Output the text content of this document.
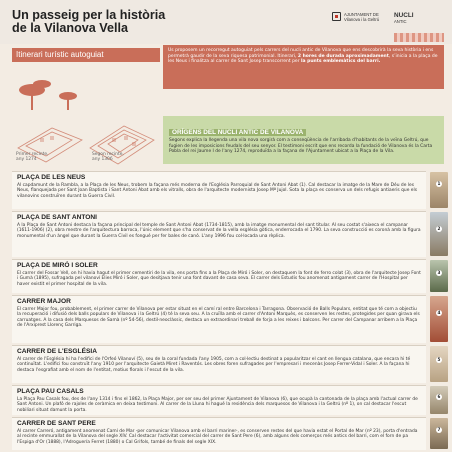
Un passeig per la història
de la Vilanova Vella
AJUNTAMENT DE
Vilanova i la Geltrú
NUCLI
ANTIC
Itinerari turístic autoguiat	Us proposem un recorregut autoguiat pels carrers del nucli antic de Vilanova que ens descobrirà la seva història i ens permetrà gaudir de la seva riquesa patrimonial. Itinerari, 2 hores de durada aproximadament, s’inicia a la plaça de les Neus i finalitza al carrer de Sant Josep transcorrent per la punts emblemàtics del barri.
Primer recinte, any 1274
Segon recinte, any 1306
ORÍGENS DEL NUCLI ANTIC DE VILANOVA
Segons explica la llegenda una vila nova sorgirà com a conseqüència de l'arribada d'habitants de la veïna Geltrú, que fugien de les imposicions feudals del seu senyor. El testimoni escrit que ens recorda la fundació de Vilanova és la Carta Pobla del rei Jaume I de l'any 1274, reproduïda a la façana de l'Ajuntament ubicat a la Plaça de la Vila.
PLAÇA DE LES NEUS
Al capdamunt de la Rambla, a la Plaça de les Neus, trobem la façana més moderna de l'Església Parroquial de Sant Antoni Abat (1). Cal destacar la imatge de la Mare de Déu de les Neus, flanquejada per Sant Joan Baptista i Sant Antoni Abat amb els vitralls, obra de l'arquitecte modernista Josep Mª Jujol. Sota la plaça es conserva un dels refugis antiaeris que els vilanovins construïren durant la Guerra Civil.
1
PLAÇA DE SANT ANTONI
A la Plaça de Sant Antoni destaca la façana principal del temple de Sant Antoni Abat (1734-1815), amb la imatge monumental del sant titular. Al seu costat s'aixeca el campanar (1611-1906) (2), obra mestre de l'arquitectura barroca, l'únic element que s'ha conservat de la vella església gòtica, enderrocada el 1790. La seva construcció es coronà amb la figura monumental d'un àngel que durant la Guerra Civil es fongué per fer bales de canó. L'any 1996 fou col·locada una rèplica.
2
PLAÇA DE MIRÓ I SOLER
El carrer del Fossar Vell, on hi havia hagut el primer cementiri de la vila, ens porta fins a la Plaça de Miró i Soler, on destaquem la font de ferro colat (3), obra de l'arquitecte Josep Font i Gumà (1895), sufragada pel vilanoví Elies Miró i Soler, que desitjava tenir una font davant de casa seva. El carrer dels Estudis fou anomenat antigament carrer de l'Hospital per haver existit el primer hospital de la vila.
3
CARRER MAJOR
El carrer Major fou, probablement, el primer carrer de Vilanova per estar situat en el camí ral entre Barcelona i Tarragona. Observació de Balls Populars, entitat que té com a objectiu la recuperació i difusió dels balls populars de Vilanova i la Geltrú (4) té la seva seu. A la cruïlla amb el carrer d'Antoni Marquès, es conserven les restes, protegides per quan girava els carruatges. A la casa dels Marquesos de Samà (nº 54-56), destil·neoclàssic, destaca un extraordinari treball de forja a les reixes i balcons. Per carrer del Campanar arribem a la Plaça de l'Arxiprest Llorenç Garriga.
4
CARRER DE L'ESGLÉSIA
Al carrer de l'Església hi ha l'edifici de l'Orfeó Vilanoví (5), seu de la coral fundada l'any 1905, com a col·lectiu destinat a popularitzar el cant en llengua catalana, que encara hi té continuïtat. L'edifici fou construït l'any 1910 per l'arquitecte Gaietà Miret i Raventós. Les obres foren sufragades per l'empresari i mecenàs Josep Ferrer-Vidal i Soler. A la façana hi destaca l'esgrafiat amb el nom de l'entitat, motius florals i l'escut de la vila.
5
PLAÇA PAU CASALS
La Plaça Pau Casals fou, des de l'any 1314 i fins el 1862, la Plaça Major, per ser seu del primer Ajuntament de Vilanova (6), que ocupà la cantonada de la plaça amb l'actual carrer de Sant Antoni. Un plafó de rajoles de ceràmica en deixa testimoni. Al carrer de la Lluna hi hagué la residència dels marquesos de Vilanova i la Geltrú (nº 1), on cal destacar l'escut nobiliari situat damunt la porta.
6
CARRER DE SANT PERE
Al carrer Carreró, antigament anomenat Camí de Mar -per comunicar Vilanova amb el barri mariner-, es conserven restes del que havia estat el Portal de Mar (nº 23), porta d'entrada al recinte emmurallat de la Vilanova del segle XIV. Cal destacar l'activitat comercial del carrer de Sant Pere (6), amb alguns dels comerços més antics del barri, com el forn de pa l'Espiga d'Or (1888), l'Adroguería Ferret (1880) o Cal Grifols, també de finals del segle XIX.
7
